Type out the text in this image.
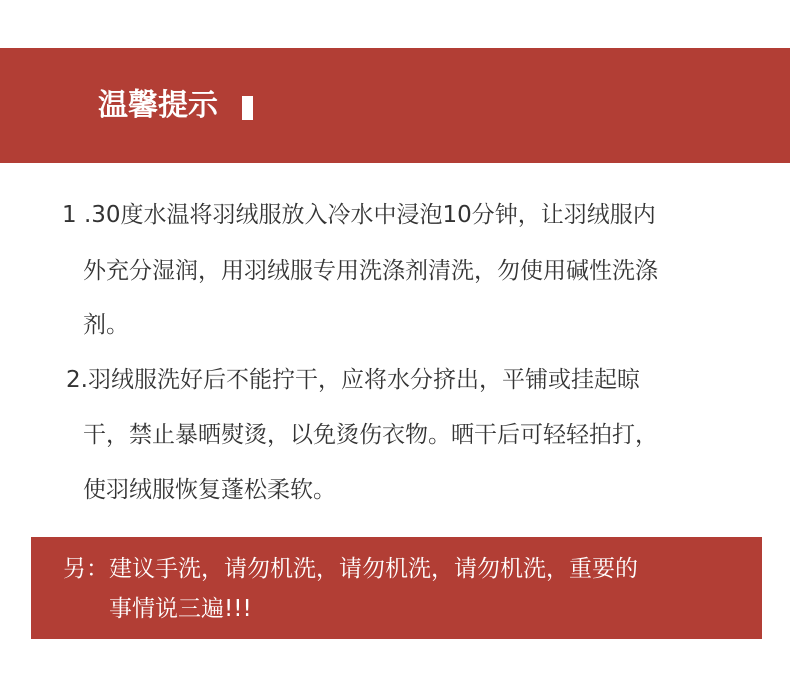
温馨提示
1 .30度水温将羽绒服放入冷水中浸泡10分钟，让羽绒服内
外充分湿润，用羽绒服专用洗涤剂清洗，勿使用碱性洗涤
剂。
2.羽绒服洗好后不能拧干，应将水分挤出，平铺或挂起晾
干，禁止暴晒熨烫，以免烫伤衣物。晒干后可轻轻拍打，
使羽绒服恢复蓬松柔软。
另：建议手洗，请勿机洗，请勿机洗，请勿机洗，重要的
事情说三遍!!!
